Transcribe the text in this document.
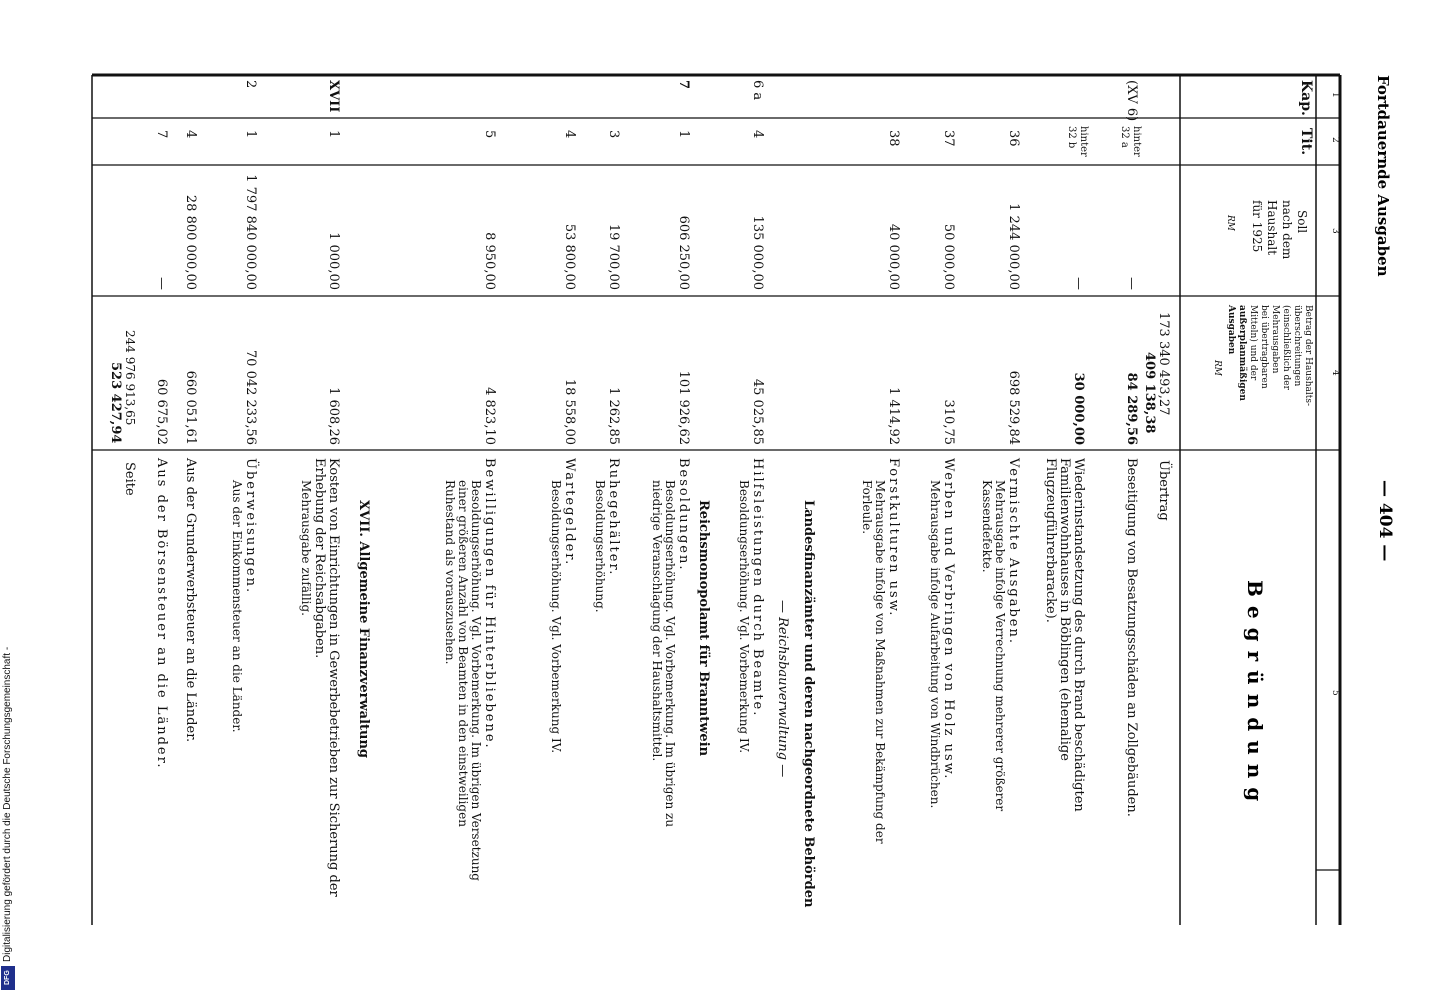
1
2
3
4
5
Kap.
Tit.
Soll
nach dem
Haushalt
für 1925
RM
Betrag der Haushalts-
überschreitungen
(einschließlich der
Mehrausgaben
bei übertragbaren
Mitteln) und der
außerplanmäßigen
Ausgaben
RM
173 340 493,27
409 138,38
Übertrag
(XV 6)
hinter
32 a
—
84 289,56
Beseitigung von Besatzungsschäden an Zollgebäuden.
hinter
32 b
—
30 000,00
Wiederinstandsetzung des durch Brand beschädigten
Familienwohnhauses in Böblingen (ehemalige
Flugzeugführerbaracke).
36
1 244 000,00
698 529,84
Vermischte Ausgaben.
Mehrausgabe infolge Verrechnung mehrerer größerer
Kassendefekte.
37
50 000,00
310,75
Werben und Verbringen von Holz usw.
Mehrausgabe infolge Aufarbeitung von Windbrüchen.
38
40 000,00
1 414,92
Forstkulturen usw.
Mehrausgabe infolge von Maßnahmen zur Bekämpfung der
Forleule.
6 a
4
135 000,00
45 025,85
Landesfinanzämter und deren nachgeordnete Behörden
— Reichsbauverwaltung —
Hilfsleistungen durch Beamte.
Besoldungserhöhung. Vgl. Vorbemerkung IV.
7
1
606 250,00
101 926,62
Reichsmonopolamt für Branntwein
Besoldungen.
Besoldungserhöhung. Vgl. Vorbemerkung. Im übrigen zu
niedrige Veranschlagung der Haushaltsmittel.
3
19 700,00
1 262,85
Ruhegehälter.
Besoldungserhöhung.
4
53 800,00
18 558,00
Wartegelder.
Besoldungserhöhung. Vgl. Vorbemerkung IV.
5
8 950,00
4 823,10
Bewilligungen für Hinterbliebene.
Besoldungserhöhung. Vgl. Vorbemerkung. Im übrigen Versetzung
einer größeren Anzahl von Beamten in den einstweiligen
Ruhestand als vorauszusehen.
XVII
1
1 000,00
1 608,26
XVII. Allgemeine Finanzverwaltung
Kosten von Einrichtungen in Gewerbebetrieben zur Sicherung der
Erhebung der Reichsabgaben.
Mehrausgabe zufällig.
2
1
1 797 840 000,00
70 042 233,56
Überweisungen.
Aus der Einkommensteuer an die Länder.
4
28 800 000,00
660 051,61
Aus der Grunderwerbsteuer an die Länder.
7
—
60 675,02
Aus der Börsensteuer an die Länder.
244 976 913,65
523 427,94
Seite
Fortdauernde Ausgaben
— 404 —
Begründung
Digitalisierung gefördert durch die Deutsche Forschungsgemeinschaft -
DFG
